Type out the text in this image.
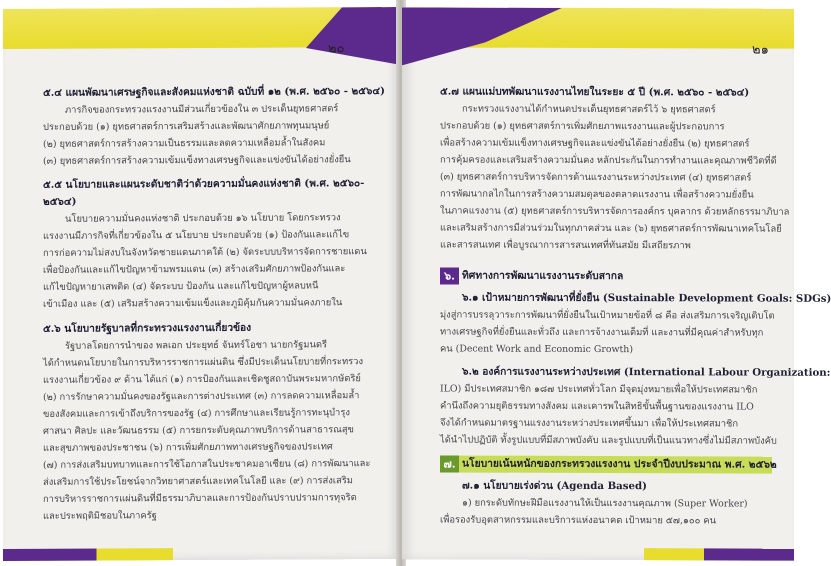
๒๐
๕.๔ แผนพัฒนาเศรษฐกิจและสังคมแห่งชาติ ฉบับที่ ๑๒ (พ.ศ. ๒๕๖๐ - ๒๕๖๔)
ภารกิจของกระทรวงแรงงานมีส่วนเกี่ยวข้องใน ๓ ประเด็นยุทธศาสตร์
ประกอบด้วย (๑) ยุทธศาสตร์การเสริมสร้างและพัฒนาศักยภาพทุนมนุษย์
(๒) ยุทธศาสตร์การสร้างความเป็นธรรมและลดความเหลื่อมล้ำในสังคม
(๓) ยุทธศาสตร์การสร้างความเข้มแข็งทางเศรษฐกิจและแข่งขันได้อย่างยั่งยืน
๕.๕ นโยบายและแผนระดับชาติว่าด้วยความมั่นคงแห่งชาติ (พ.ศ. ๒๕๖๐-
๒๕๖๔)
นโยบายความมั่นคงแห่งชาติ ประกอบด้วย ๑๖ นโยบาย โดยกระทรวง
แรงงานมีภารกิจที่เกี่ยวข้องใน ๕ นโยบาย ประกอบด้วย (๑) ป้องกันและแก้ไข
การก่อความไม่สงบในจังหวัดชายแดนภาคใต้ (๒) จัดระบบบริหารจัดการชายแดน
เพื่อป้องกันและแก้ไขปัญหาข้ามพรมแดน (๓) สร้างเสริมศักยภาพป้องกันและ
แก้ไขปัญหายาเสพติด (๔) จัดระบบ ป้องกัน และแก้ไขปัญหาผู้หลบหนี
เข้าเมือง และ (๕) เสริมสร้างความเข้มแข็งและภูมิคุ้มกันความมั่นคงภายใน
๕.๖ นโยบายรัฐบาลที่กระทรวงแรงงานเกี่ยวข้อง
รัฐบาลโดยการนำของ พลเอก ประยุทธ์ จันทร์โอชา นายกรัฐมนตรี
ได้กำหนดนโยบายในการบริหารราชการแผ่นดิน ซึ่งมีประเด็นนโยบายที่กระทรวง
แรงงานเกี่ยวข้อง ๙ ด้าน ได้แก่ (๑) การป้องกันและเชิดชูสถาบันพระมหากษัตริย์
(๒) การรักษาความมั่นคงของรัฐและการต่างประเทศ (๓) การลดความเหลื่อมล้ำ
ของสังคมและการเข้าถึงบริการของรัฐ (๔) การศึกษาและเรียนรู้การทะนุบำรุง
ศาสนา ศิลปะ และวัฒนธรรม (๕) การยกระดับคุณภาพบริการด้านสาธารณสุข
และสุขภาพของประชาชน (๖) การเพิ่มศักยภาพทางเศรษฐกิจของประเทศ
(๗) การส่งเสริมบทบาทและการใช้โอกาสในประชาคมอาเซียน (๘) การพัฒนาและ
ส่งเสริมการใช้ประโยชน์จากวิทยาศาสตร์และเทคโนโลยี และ (๙) การส่งเสริม
การบริหารราชการแผ่นดินที่มีธรรมาภิบาลและการป้องกันปราบปรามการทุจริต
และประพฤติมิชอบในภาครัฐ
๒๑
๕.๗ แผนแม่บทพัฒนาแรงงานไทยในระยะ ๕ ปี (พ.ศ. ๒๕๖๐ - ๒๕๖๔)
กระทรวงแรงงานได้กำหนดประเด็นยุทธศาสตร์ไว้ ๖ ยุทธศาสตร์
ประกอบด้วย (๑) ยุทธศาสตร์การเพิ่มศักยภาพแรงงานและผู้ประกอบการ
เพื่อสร้างความเข้มแข็งทางเศรษฐกิจและแข่งขันได้อย่างยั่งยืน (๒) ยุทธศาสตร์
การคุ้มครองและเสริมสร้างความมั่นคง หลักประกันในการทำงานและคุณภาพชีวิตที่ดี
(๓) ยุทธศาสตร์การบริหารจัดการด้านแรงงานระหว่างประเทศ (๔) ยุทธศาสตร์
การพัฒนากลไกในการสร้างความสมดุลของตลาดแรงงาน เพื่อสร้างความยั่งยืน
ในภาคแรงงาน (๕) ยุทธศาสตร์การบริหารจัดการองค์กร บุคลากร ด้วยหลักธรรมาภิบาล
และเสริมสร้างการมีส่วนร่วมในทุกภาคส่วน และ (๖) ยุทธศาสตร์การพัฒนาเทคโนโลยี
และสารสนเทศ เพื่อบูรณาการสารสนเทศที่ทันสมัย มีเสถียรภาพ
๖. ทิศทางการพัฒนาแรงงานระดับสากล
๖.๑ เป้าหมายการพัฒนาที่ยั่งยืน (Sustainable Development Goals: SDGs)
มุ่งสู่การบรรลุวาระการพัฒนาที่ยั่งยืนในเป้าหมายข้อที่ ๘ คือ ส่งเสริมการเจริญเติบโต
ทางเศรษฐกิจที่ยั่งยืนและทั่วถึง และการจ้างงานเต็มที่ และงานที่มีคุณค่าสำหรับทุก
คน (Decent Work and Economic Growth)
๖.๒ องค์การแรงงานระหว่างประเทศ (International Labour Organization:
ILO) มีประเทศสมาชิก ๑๘๗ ประเทศทั่วโลก มีจุดมุ่งหมายเพื่อให้ประเทศสมาชิก
คำนึงถึงความยุติธรรมทางสังคม และเคารพในสิทธิขั้นพื้นฐานของแรงงาน ILO
จึงได้กำหนดมาตรฐานแรงงานระหว่างประเทศขึ้นมา เพื่อให้ประเทศสมาชิก
ได้นำไปปฏิบัติ ทั้งรูปแบบที่มีสภาพบังคับ และรูปแบบที่เป็นแนวทางซึ่งไม่มีสภาพบังคับ
๗. นโยบายเน้นหนักของกระทรวงแรงงาน ประจำปีงบประมาณ พ.ศ. ๒๕๖๒
๗.๑ นโยบายเร่งด่วน (Agenda Based)
๑) ยกระดับทักษะฝีมือแรงงานให้เป็นแรงงานคุณภาพ (Super Worker)
เพื่อรองรับอุตสาหกรรมและบริการแห่งอนาคต เป้าหมาย ๕๗,๑๐๐ คน
